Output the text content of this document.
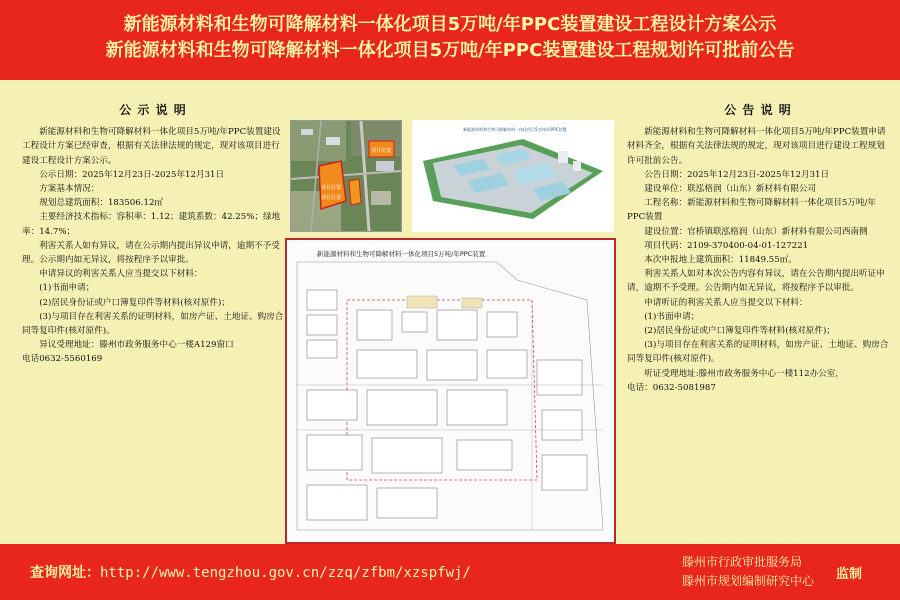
新能源材料和生物可降解材料一体化项目5万吨/年PPC装置建设工程设计方案公示
新能源材料和生物可降解材料一体化项目5万吨/年PPC装置建设工程规划许可批前公告
公 示 说 明

新能源材料和生物可降解材料一体化项目5万吨/年PPC装置建设工程设计方案已经审查，根据有关法律法规的规定，现对该项目进行建设工程设计方案公示。

公示日期：2025年12月23日-2025年12月31日

方案基本情况：

规划总建筑面积：183506.12㎡

主要经济技术指标：容积率：1.12；建筑系数：42.25%；绿地率：14.7%；

利害关系人如有异议，请在公示期内提出异议申请，逾期不予受理。公示期内如无异议，将按程序予以审批。

申请异议的利害关系人应当提交以下材料：

(1)书面申请；

(2)居民身份证或户口簿复印件等材料(核对原件)；

(3)与项目存在利害关系的证明材料，如房产证、土地证、购房合同等复印件(核对原件)。

异议受理地址：滕州市政务服务中心一楼A129窗口

电话0632-5560169

项目位置
项目位置
项目位置
新能源材料和生物可降解材料一体化项目5万吨/年PPC装置
新能源材料和生物可降解材料一体化项目5万吨/年PPC装置
公 告 说 明

新能源材料和生物可降解材料一体化项目5万吨/年PPC装置申请材料齐全，根据有关法律法规的规定，现对该项目进行建设工程规划许可批前公告。

公告日期：2025年12月23日-2025年12月31日

建设单位：联泓格润（山东）新材料有限公司

工程名称：新能源材料和生物可降解材料一体化项目5万吨/年PPC装置

建设位置：官桥镇联泓格润（山东）新材料有限公司西南侧

项目代码：2109-370400-04-01-127221

本次申报地上建筑面积：11849.55㎡。

利害关系人如对本次公告内容有异议，请在公告期内提出听证申请，逾期不予受理。公告期内如无异议，将按程序予以审批。

申请听证的利害关系人应当提交以下材料：

(1)书面申请；

(2)居民身份证或户口簿复印件等材料(核对原件)；

(3)与项目存在利害关系的证明材料，如房产证、土地证、购房合同等复印件(核对原件)。

听证受理地址:滕州市政务服务中心一楼112办公室，

电话：0632-5081987

查询网址：http://www.tengzhou.gov.cn/zzq/zfbm/xzspfwj/
滕州市行政审批服务局
滕州市规划编制研究中心 监制
